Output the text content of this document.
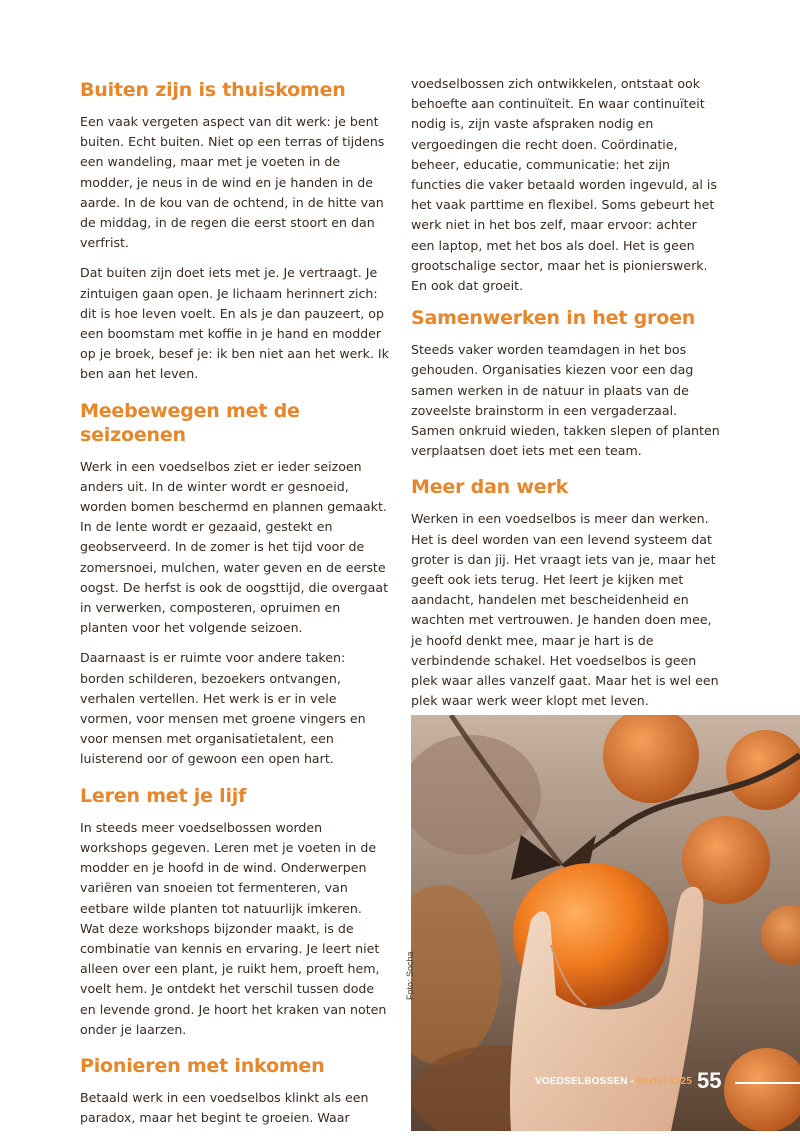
Buiten zijn is thuiskomen

Een vaak vergeten aspect van dit werk: je bent buiten. Echt buiten. Niet op een terras of tijdens een wandeling, maar met je voeten in de modder, je neus in de wind en je handen in de aarde. In de kou van de ochtend, in de hitte van de middag, in de regen die eerst stoort en dan verfrist.

Dat buiten zijn doet iets met je. Je vertraagt. Je zintuigen gaan open. Je lichaam herinnert zich: dit is hoe leven voelt. En als je dan pauzeert, op een boomstam met koffie in je hand en modder op je broek, besef je: ik ben niet aan het werk. Ik ben aan het leven.

Meebewegen met de seizoenen

Werk in een voedselbos ziet er ieder seizoen anders uit. In de winter wordt er gesnoeid, worden bomen beschermd en plannen gemaakt. In de lente wordt er gezaaid, gestekt en geobserveerd. In de zomer is het tijd voor de zomersnoei, mulchen, water geven en de eerste oogst. De herfst is ook de oogsttijd, die overgaat in verwerken, composteren, opruimen en planten voor het volgende seizoen.

Daarnaast is er ruimte voor andere taken: borden schilderen, bezoekers ontvangen, verhalen vertellen. Het werk is er in vele vormen, voor mensen met groene vingers en voor mensen met organisatietalent, een luisterend oor of gewoon een open hart.

Leren met je lijf

In steeds meer voedselbossen worden workshops gegeven. Leren met je voeten in de modder en je hoofd in de wind. Onderwerpen variëren van snoeien tot fermenteren, van eetbare wilde planten tot natuurlijk imkeren. Wat deze workshops bijzonder maakt, is de combinatie van kennis en ervaring. Je leert niet alleen over een plant, je ruikt hem, proeft hem, voelt hem. Je ontdekt het verschil tussen dode en levende grond. Je hoort het kraken van noten onder je laarzen.

Pionieren met inkomen

Betaald werk in een voedselbos klinkt als een paradox, maar het begint te groeien. Waar

voedselbossen zich ontwikkelen, ontstaat ook behoefte aan continuïteit. En waar continuïteit nodig is, zijn vaste afspraken nodig en vergoedingen die recht doen. Coördinatie, beheer, educatie, communicatie: het zijn functies die vaker betaald worden ingevuld, al is het vaak parttime en flexibel. Soms gebeurt het werk niet in het bos zelf, maar ervoor: achter een laptop, met het bos als doel. Het is geen grootschalige sector, maar het is pionierswerk. En ook dat groeit.

Samenwerken in het groen

Steeds vaker worden teamdagen in het bos gehouden. Organisaties kiezen voor een dag samen werken in de natuur in plaats van de zoveelste brainstorm in een vergaderzaal. Samen onkruid wieden, takken slepen of planten verplaatsen doet iets met een team.

Meer dan werk

Werken in een voedselbos is meer dan werken. Het is deel worden van een levend systeem dat groter is dan jij. Het vraagt iets van je, maar het geeft ook iets terug. Het leert je kijken met aandacht, handelen met bescheidenheid en wachten met vertrouwen. Je handen doen mee, je hoofd denkt mee, maar je hart is de verbindende schakel. Het voedselbos is geen plek waar alles vanzelf gaat. Maar het is wel een plek waar werk weer klopt met leven.

Foto: Socha
VOEDSELBOSSEN - herfst 2025 55
